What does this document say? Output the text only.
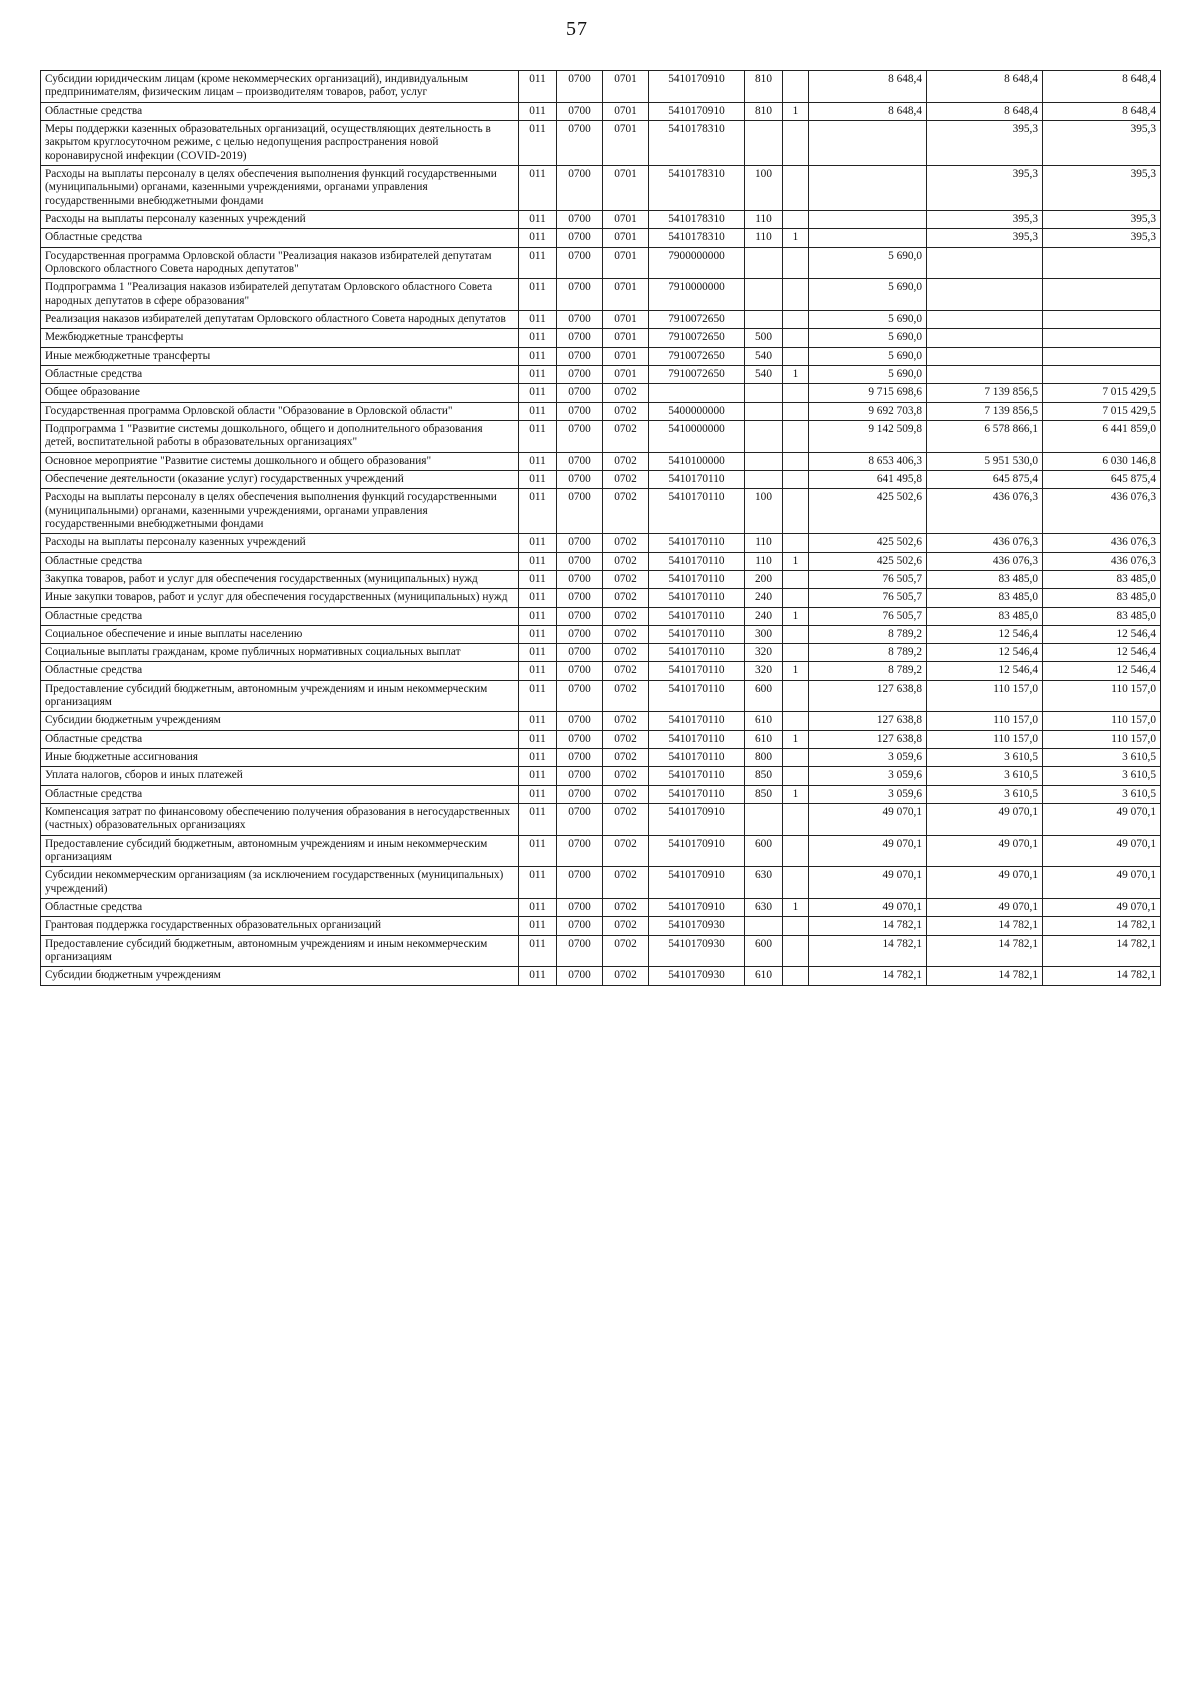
57
Субсидии юридическим лицам (кроме некоммерческих организаций), индивидуальным предпринимателям, физическим лицам – производителям товаров, работ, услуг	011	0700	0701	5410170910	810		8 648,4	8 648,4	8 648,4
Областные средства	011	0700	0701	5410170910	810	1	8 648,4	8 648,4	8 648,4
Меры поддержки казенных образовательных организаций, осуществляющих деятельность в закрытом круглосуточном режиме, с целью недопущения распространения новой коронавирусной инфекции (COVID-2019)	011	0700	0701	5410178310				395,3	395,3
Расходы на выплаты персоналу в целях обеспечения выполнения функций государственными (муниципальными) органами, казенными учреждениями, органами управления государственными внебюджетными фондами	011	0700	0701	5410178310	100			395,3	395,3
Расходы на выплаты персоналу казенных учреждений	011	0700	0701	5410178310	110			395,3	395,3
Областные средства	011	0700	0701	5410178310	110	1		395,3	395,3
Государственная программа Орловской области "Реализация наказов избирателей депутатам Орловского областного Совета народных депутатов"	011	0700	0701	7900000000			5 690,0		
Подпрограмма 1 "Реализация наказов избирателей депутатам Орловского областного Совета народных депутатов в сфере образования"	011	0700	0701	7910000000			5 690,0		
Реализация наказов избирателей депутатам Орловского областного Совета народных депутатов	011	0700	0701	7910072650			5 690,0		
Межбюджетные трансферты	011	0700	0701	7910072650	500		5 690,0		
Иные межбюджетные трансферты	011	0700	0701	7910072650	540		5 690,0		
Областные средства	011	0700	0701	7910072650	540	1	5 690,0		
Общее образование	011	0700	0702				9 715 698,6	7 139 856,5	7 015 429,5
Государственная программа Орловской области "Образование в Орловской области"	011	0700	0702	5400000000			9 692 703,8	7 139 856,5	7 015 429,5
Подпрограмма 1 "Развитие системы дошкольного, общего и дополнительного образования детей, воспитательной работы в образовательных организациях"	011	0700	0702	5410000000			9 142 509,8	6 578 866,1	6 441 859,0
Основное мероприятие "Развитие системы дошкольного и общего образования"	011	0700	0702	5410100000			8 653 406,3	5 951 530,0	6 030 146,8
Обеспечение деятельности (оказание услуг) государственных учреждений	011	0700	0702	5410170110			641 495,8	645 875,4	645 875,4
Расходы на выплаты персоналу в целях обеспечения выполнения функций государственными (муниципальными) органами, казенными учреждениями, органами управления государственными внебюджетными фондами	011	0700	0702	5410170110	100		425 502,6	436 076,3	436 076,3
Расходы на выплаты персоналу казенных учреждений	011	0700	0702	5410170110	110		425 502,6	436 076,3	436 076,3
Областные средства	011	0700	0702	5410170110	110	1	425 502,6	436 076,3	436 076,3
Закупка товаров, работ и услуг для обеспечения государственных (муниципальных) нужд	011	0700	0702	5410170110	200		76 505,7	83 485,0	83 485,0
Иные закупки товаров, работ и услуг для обеспечения государственных (муниципальных) нужд	011	0700	0702	5410170110	240		76 505,7	83 485,0	83 485,0
Областные средства	011	0700	0702	5410170110	240	1	76 505,7	83 485,0	83 485,0
Социальное обеспечение и иные выплаты населению	011	0700	0702	5410170110	300		8 789,2	12 546,4	12 546,4
Социальные выплаты гражданам, кроме публичных нормативных социальных выплат	011	0700	0702	5410170110	320		8 789,2	12 546,4	12 546,4
Областные средства	011	0700	0702	5410170110	320	1	8 789,2	12 546,4	12 546,4
Предоставление субсидий бюджетным, автономным учреждениям и иным некоммерческим организациям	011	0700	0702	5410170110	600		127 638,8	110 157,0	110 157,0
Субсидии бюджетным учреждениям	011	0700	0702	5410170110	610		127 638,8	110 157,0	110 157,0
Областные средства	011	0700	0702	5410170110	610	1	127 638,8	110 157,0	110 157,0
Иные бюджетные ассигнования	011	0700	0702	5410170110	800		3 059,6	3 610,5	3 610,5
Уплата налогов, сборов и иных платежей	011	0700	0702	5410170110	850		3 059,6	3 610,5	3 610,5
Областные средства	011	0700	0702	5410170110	850	1	3 059,6	3 610,5	3 610,5
Компенсация затрат по финансовому обеспечению получения образования в негосударственных (частных) образовательных организациях	011	0700	0702	5410170910			49 070,1	49 070,1	49 070,1
Предоставление субсидий бюджетным, автономным учреждениям и иным некоммерческим организациям	011	0700	0702	5410170910	600		49 070,1	49 070,1	49 070,1
Субсидии некоммерческим организациям (за исключением государственных (муниципальных) учреждений)	011	0700	0702	5410170910	630		49 070,1	49 070,1	49 070,1
Областные средства	011	0700	0702	5410170910	630	1	49 070,1	49 070,1	49 070,1
Грантовая поддержка государственных образовательных организаций	011	0700	0702	5410170930			14 782,1	14 782,1	14 782,1
Предоставление субсидий бюджетным, автономным учреждениям и иным некоммерческим организациям	011	0700	0702	5410170930	600		14 782,1	14 782,1	14 782,1
Субсидии бюджетным учреждениям	011	0700	0702	5410170930	610		14 782,1	14 782,1	14 782,1
